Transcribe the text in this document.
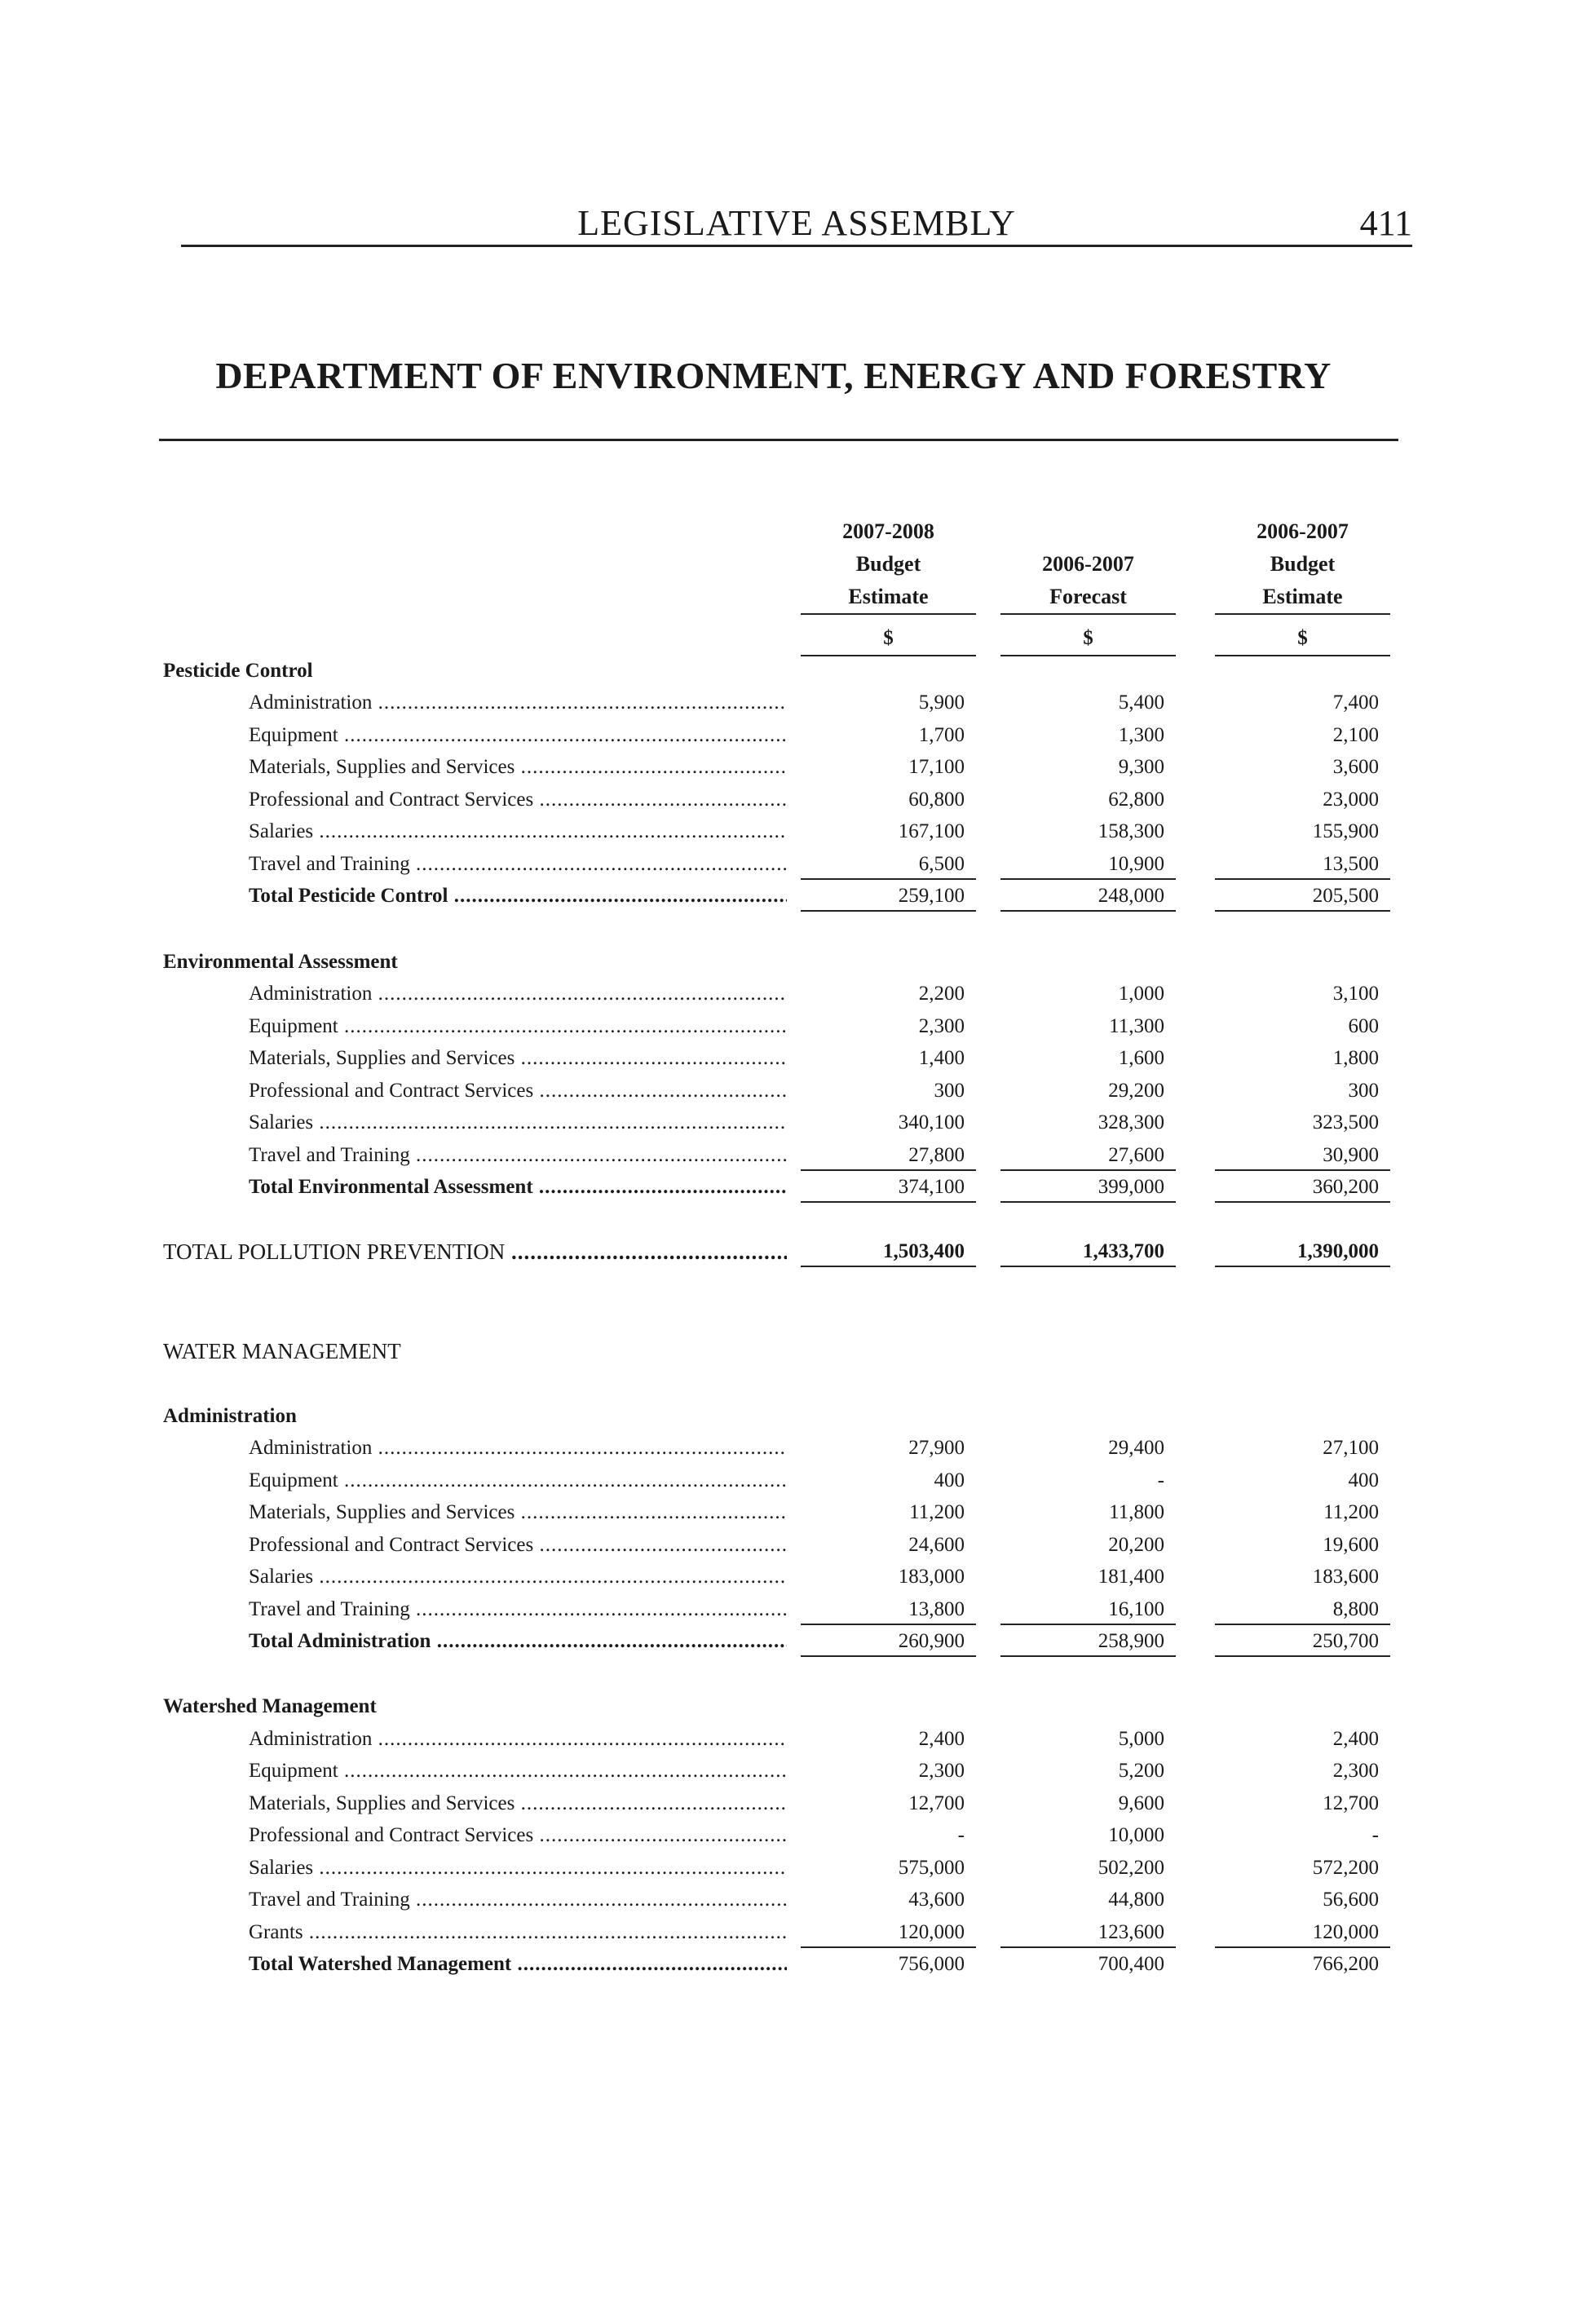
LEGISLATIVE ASSEMBLY	411
DEPARTMENT OF ENVIRONMENT, ENERGY AND FORESTRY
2007-2008
Budget
Estimate
2006-2007
Forecast
2006-2007
Budget
Estimate
$	$	$
Pesticide Control
Administration .....	5,900	5,400	7,400
Equipment .....	1,700	1,300	2,100
Materials, Supplies and Services .....	17,100	9,300	3,600
Professional and Contract Services .....	60,800	62,800	23,000
Salaries .....	167,100	158,300	155,900
Travel and Training .....	6,500	10,900	13,500
Total Pesticide Control .....	259,100	248,000	205,500
Environmental Assessment
Administration .....	2,200	1,000	3,100
Equipment .....	2,300	11,300	600
Materials, Supplies and Services .....	1,400	1,600	1,800
Professional and Contract Services .....	300	29,200	300
Salaries .....	340,100	328,300	323,500
Travel and Training .....	27,800	27,600	30,900
Total Environmental Assessment .....	374,100	399,000	360,200
TOTAL POLLUTION PREVENTION .....	1,503,400	1,433,700	1,390,000
WATER MANAGEMENT
Administration
Administration .....	27,900	29,400	27,100
Equipment .....	400	-	400
Materials, Supplies and Services .....	11,200	11,800	11,200
Professional and Contract Services .....	24,600	20,200	19,600
Salaries .....	183,000	181,400	183,600
Travel and Training .....	13,800	16,100	8,800
Total Administration .....	260,900	258,900	250,700
Watershed Management
Administration .....	2,400	5,000	2,400
Equipment .....	2,300	5,200	2,300
Materials, Supplies and Services .....	12,700	9,600	12,700
Professional and Contract Services .....	-	10,000	-
Salaries .....	575,000	502,200	572,200
Travel and Training .....	43,600	44,800	56,600
Grants .....	120,000	123,600	120,000
Total Watershed Management .....	756,000	700,400	766,200
